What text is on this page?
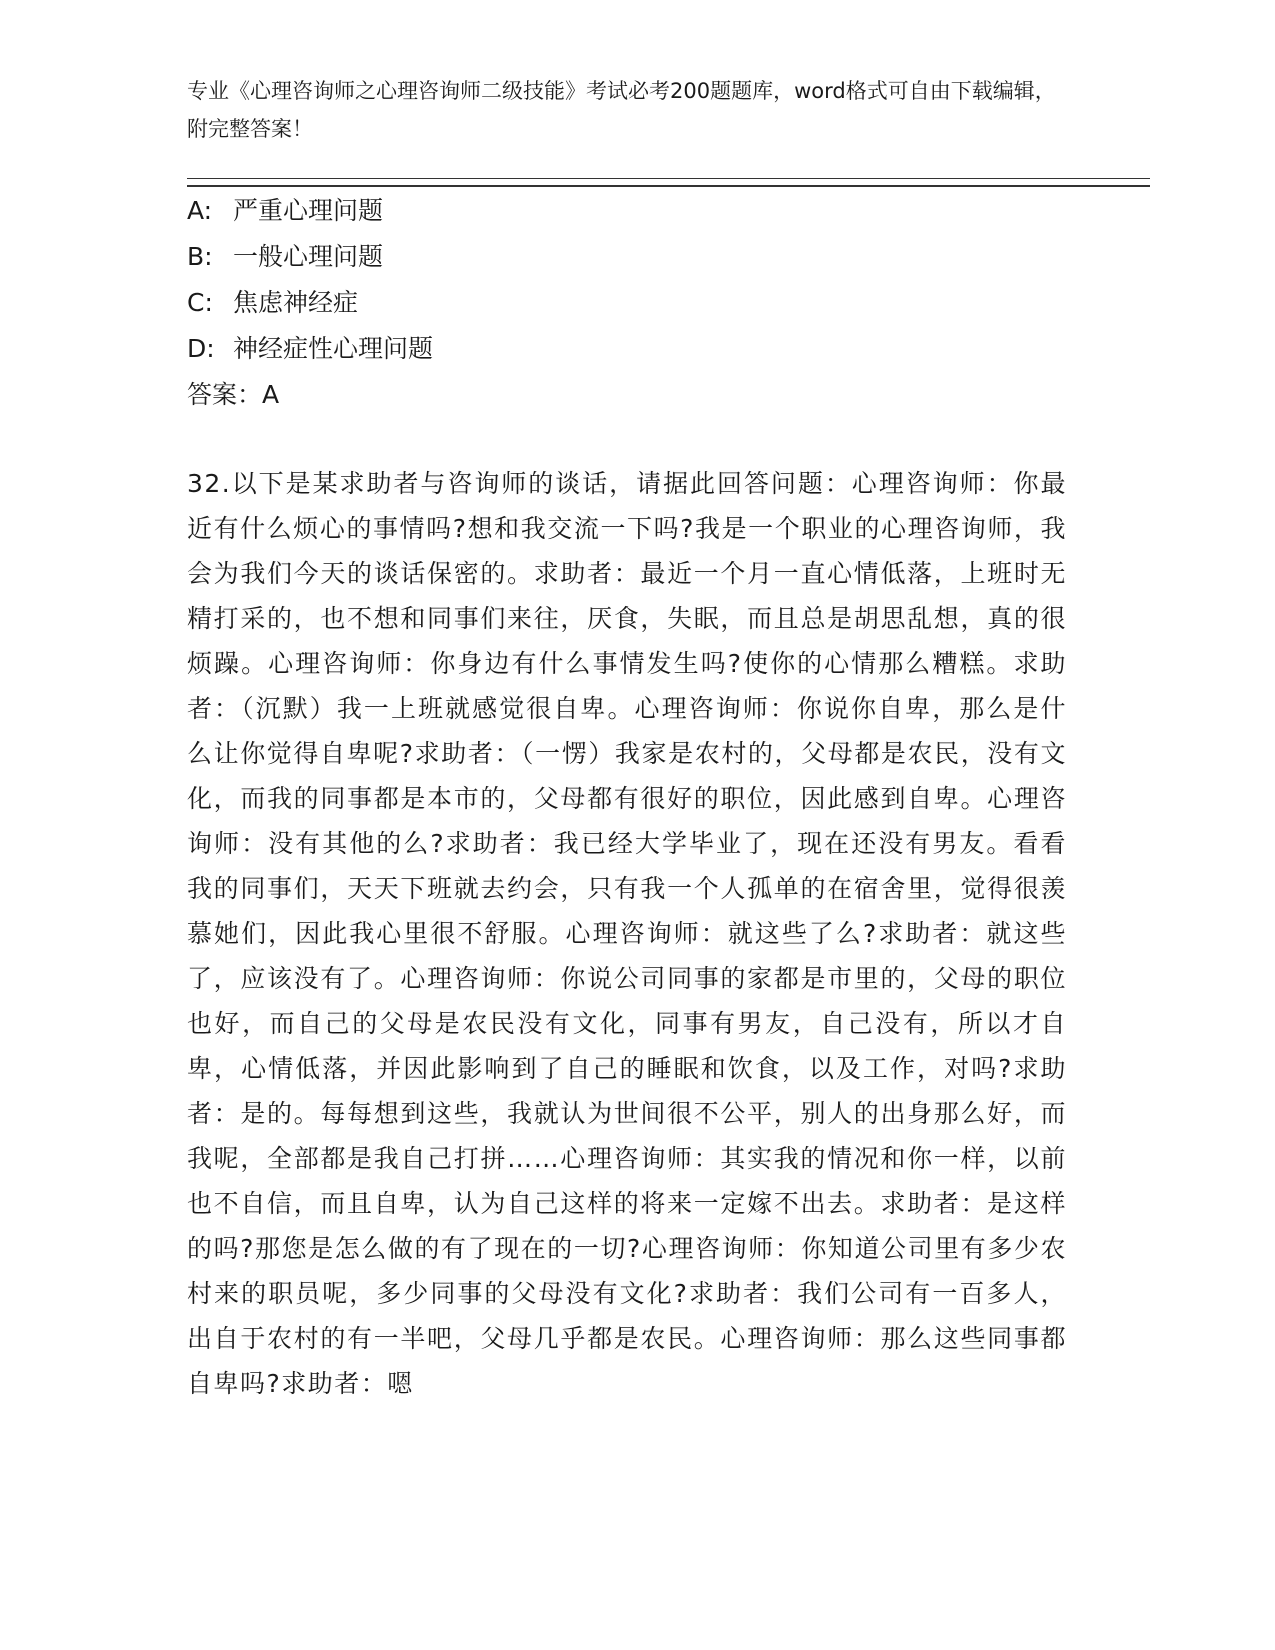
专业《心理咨询师之心理咨询师二级技能》考试必考200题题库，word格式可自由下载编辑，附完整答案！
A: 严重心理问题
B: 一般心理问题
C: 焦虑神经症
D: 神经症性心理问题
答案：A
32.以下是某求助者与咨询师的谈话，请据此回答问题：心理咨询师：你最近有什么烦心的事情吗?想和我交流一下吗?我是一个职业的心理咨询师，我会为我们今天的谈话保密的。求助者：最近一个月一直心情低落，上班时无精打采的，也不想和同事们来往，厌食，失眠，而且总是胡思乱想，真的很烦躁。心理咨询师：你身边有什么事情发生吗?使你的心情那么糟糕。求助者：（沉默）我一上班就感觉很自卑。心理咨询师：你说你自卑，那么是什么让你觉得自卑呢?求助者：（一愣）我家是农村的，父母都是农民，没有文化，而我的同事都是本市的，父母都有很好的职位，因此感到自卑。心理咨询师：没有其他的么?求助者：我已经大学毕业了，现在还没有男友。看看我的同事们，天天下班就去约会，只有我一个人孤单的在宿舍里，觉得很羡慕她们，因此我心里很不舒服。心理咨询师：就这些了么?求助者：就这些了，应该没有了。心理咨询师：你说公司同事的家都是市里的，父母的职位也好，而自己的父母是农民没有文化，同事有男友，自己没有，所以才自卑，心情低落，并因此影响到了自己的睡眠和饮食，以及工作，对吗?求助者：是的。每每想到这些，我就认为世间很不公平，别人的出身那么好，而我呢，全部都是我自己打拼……心理咨询师：其实我的情况和你一样，以前也不自信，而且自卑，认为自己这样的将来一定嫁不出去。求助者：是这样的吗?那您是怎么做的有了现在的一切?心理咨询师：你知道公司里有多少农村来的职员呢，多少同事的父母没有文化?求助者：我们公司有一百多人，出自于农村的有一半吧，父母几乎都是农民。心理咨询师：那么这些同事都自卑吗?求助者：嗯
